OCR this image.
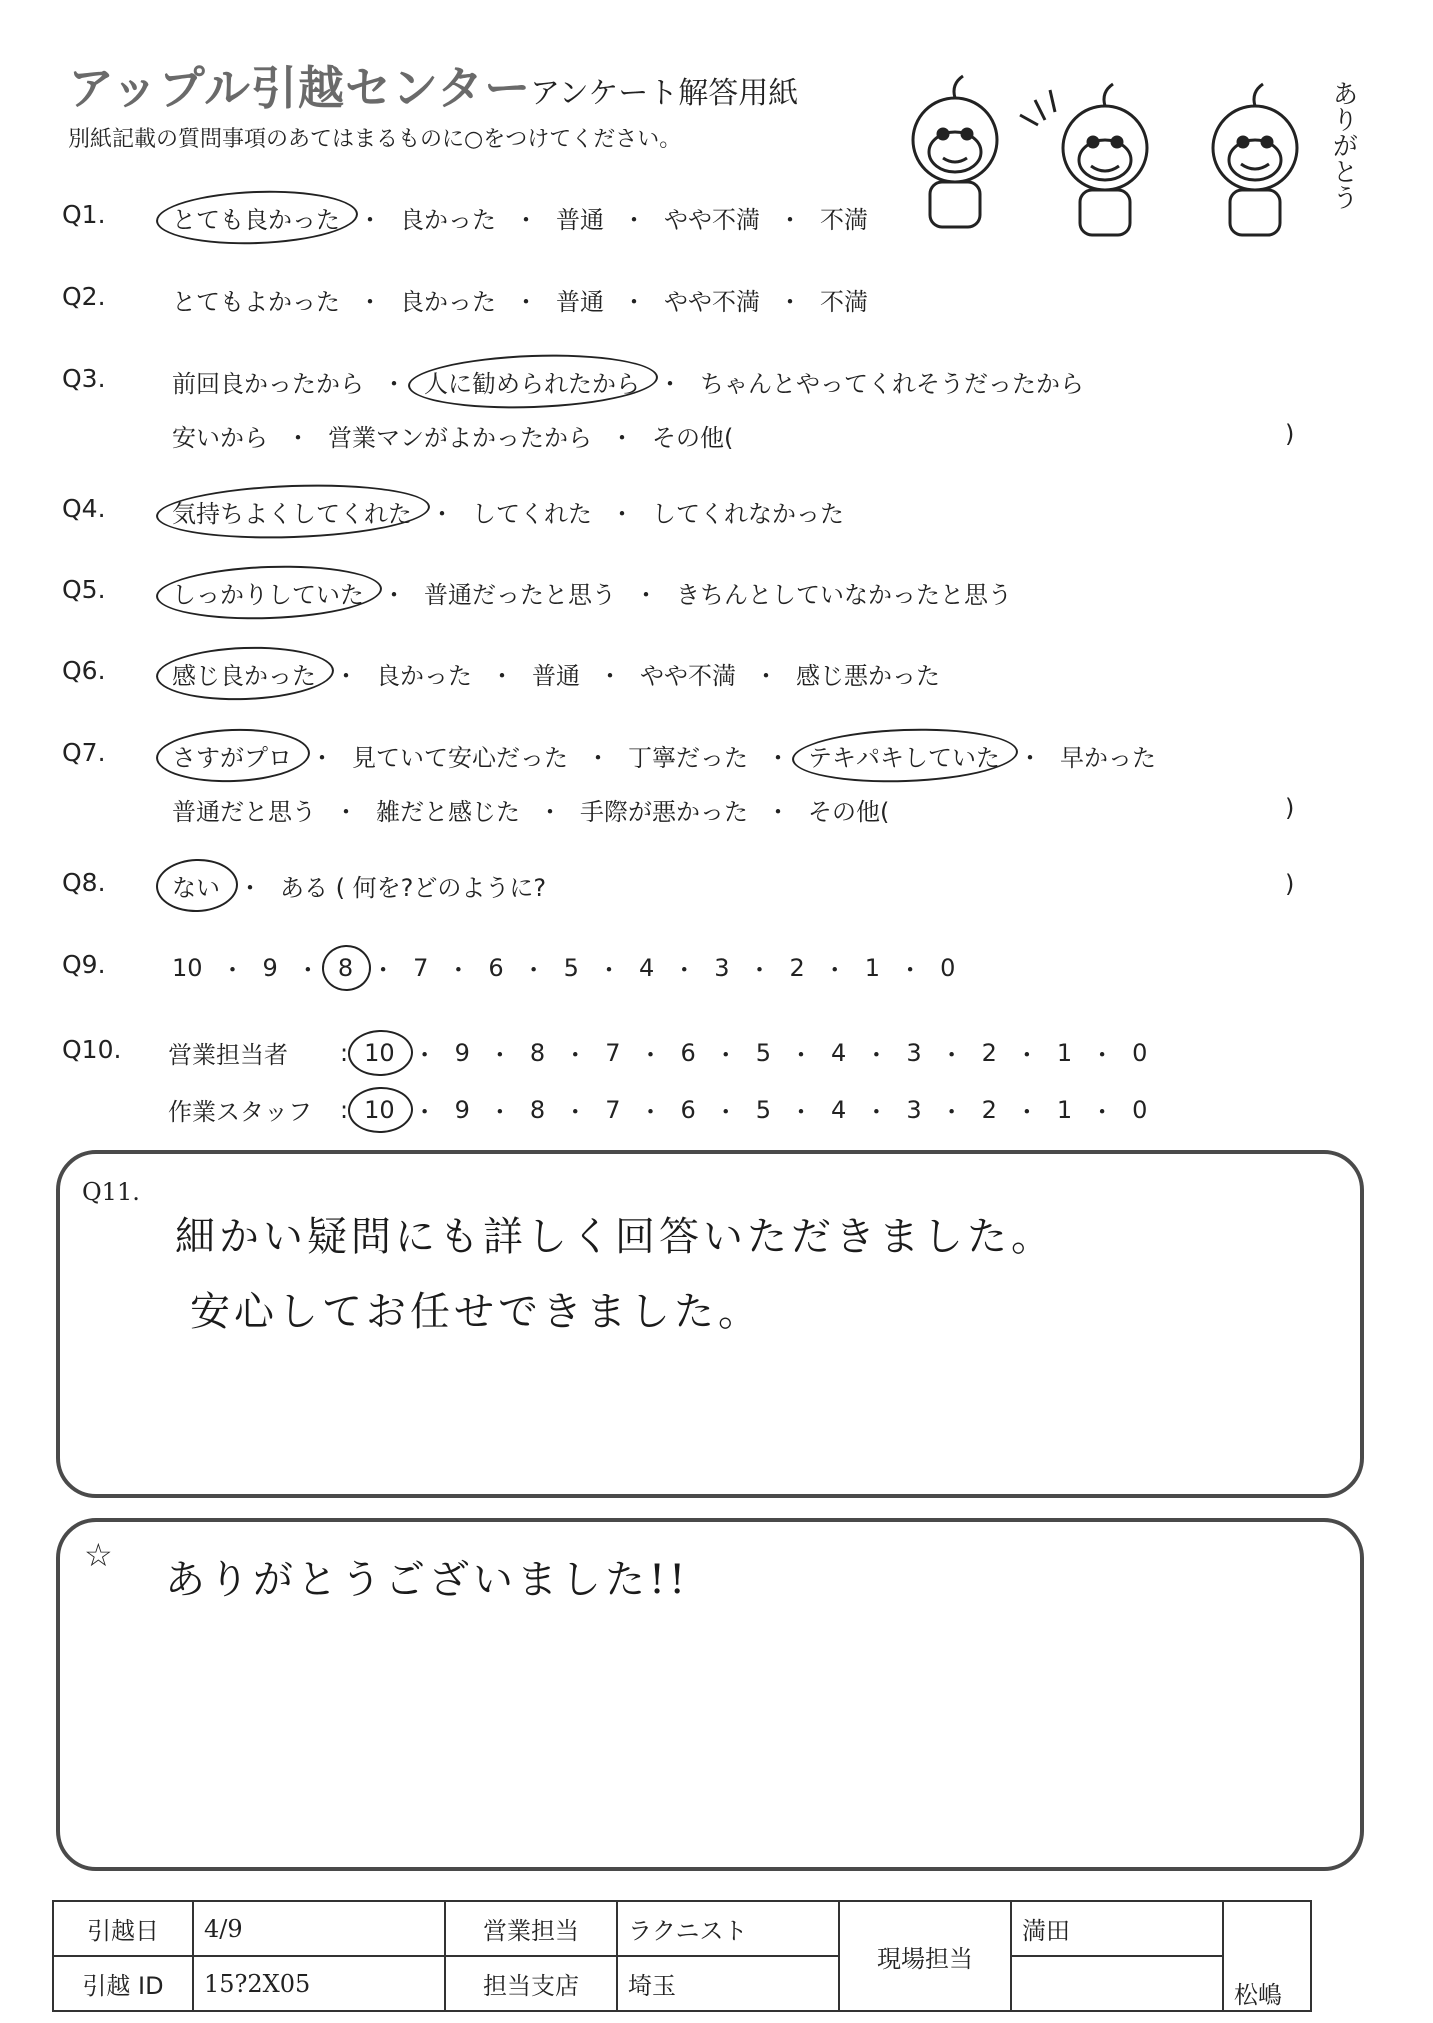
アップル引越センター
アンケート解答用紙
別紙記載の質問事項のあてはまるものに○をつけてください。	ありがとう
Q1.	とても良かった ・ 良かった ・ 普通 ・ やや不満 ・ 不満
Q2.	とてもよかった ・ 良かった ・ 普通 ・ やや不満 ・ 不満
Q3.	前回良かったから ・ 人に勧められたから ・ ちゃんとやってくれそうだったから
安いから ・ 営業マンがよかったから ・ その他(	)
Q4.	気持ちよくしてくれた ・ してくれた ・ してくれなかった
Q5.	しっかりしていた ・ 普通だったと思う ・ きちんとしていなかったと思う
Q6.	感じ良かった ・ 良かった ・ 普通 ・ やや不満 ・ 感じ悪かった
Q7.	さすがプロ ・ 見ていて安心だった ・ 丁寧だった ・ テキパキしていた ・ 早かった
普通だと思う ・ 雑だと感じた ・ 手際が悪かった ・ その他(	)
Q8.	ない ・ ある ( 何を?どのように?	)
Q9.	10 ・ 9 ・ 8 ・ 7 ・ 6 ・ 5 ・ 4 ・ 3 ・ 2 ・ 1 ・ 0
Q10. 営業担当者	: 10 ・ 9 ・ 8 ・ 7 ・ 6 ・ 5 ・ 4 ・ 3 ・ 2 ・ 1 ・ 0
作業スタッフ	: 10 ・ 9 ・ 8 ・ 7 ・ 6 ・ 5 ・ 4 ・ 3 ・ 2 ・ 1 ・ 0
Q11.
細かい疑問にも詳しく回答いただきました。
安心してお任せできました。
☆
ありがとうございました!!
引越日	4/9	営業担当	ラクニスト	現場担当	満田	松嶋
引越 ID	15?2X05	担当支店	埼玉			
